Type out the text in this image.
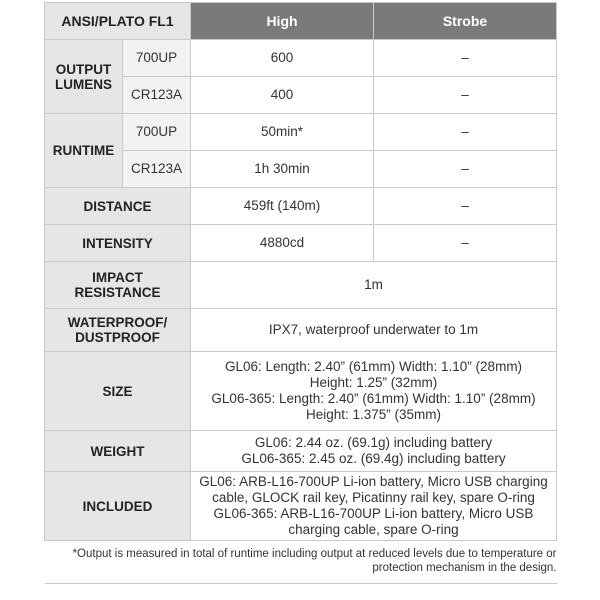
ANSI/PLATO FL1		High	Strobe
OUTPUT LUMENS	700UP	600	–
	CR123A	400	–
RUNTIME	700UP	50min*	–
	CR123A	1h 30min	–
DISTANCE		459ft (140m)	–
INTENSITY		4880cd	–
IMPACT RESISTANCE		1m	
WATERPROOF/ DUSTPROOF		IPX7, waterproof underwater to 1m	
SIZE		GL06: Length: 2.40” (61mm) Width: 1.10” (28mm)
Height: 1.25” (32mm)
GL06-365: Length: 2.40” (61mm) Width: 1.10” (28mm)
Height: 1.375” (35mm)	

WEIGHT		GL06: 2.44 oz. (69.1g) including battery
GL06-365: 2.45 oz. (69.4g) including battery	

INCLUDED		GL06: ARB-L16-700UP Li-ion battery, Micro USB charging
cable, GLOCK rail key, Picatinny rail key, spare O-ring
GL06-365: ARB-L16-700UP Li-ion battery, Micro USB
charging cable, spare O-ring	

*Output is measured in total of runtime including output at reduced levels due to temperature or
protection mechanism in the design.			
